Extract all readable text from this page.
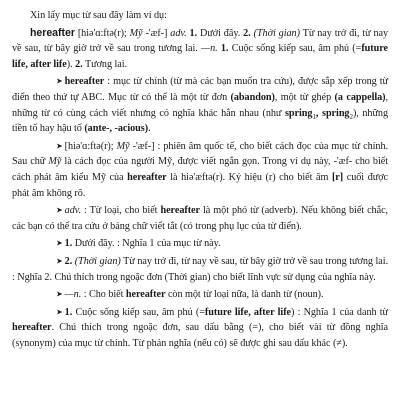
Xin lấy mục từ sau đây làm ví dụ:

hereafter [hiə'ɑ:ftə(r); Mỹ -'æf-] adv. 1. Dưới đây. 2. (Thời gian) Từ nay trở đi, từ nay về sau, từ bây giờ trở về sau trong tương lai. —n. 1. Cuộc sống kiếp sau, âm phủ (=future life, after life). 2. Tương lai.

➤ hereafter : mục từ chính (từ mà các bạn muốn tra cứu), được sắp xếp trong từ điển theo thứ tự ABC. Mục từ có thể là một từ đơn (abandon), một từ ghép (a cappella), những từ có cùng cách viết nhưng có nghĩa khác hẳn nhau (như spring$_1$, spring$_2$), những tiền tố hay hậu tố (ante-, -acious).

➤ [hiə'ɑ:ftə(r); Mỹ -'æf-] : phiên âm quốc tế, cho biết cách đọc của mục từ chính. Sau chữ Mỹ là cách đọc của người Mỹ, được viết ngắn gọn. Trong ví dụ này, -'æf- cho biết cách phát âm kiểu Mỹ của hereafter là hiə'æftə(r). Ký hiệu (r) cho biết âm [r] cuối được phát âm không rõ.

➤ adv. : Từ loại, cho biết hereafter là một phó từ (adverb). Nếu không biết chắc, các bạn có thể tra cứu ở bảng chữ viết tắt (có trong phụ lục của từ điển).

➤ 1. Dưới đây. : Nghĩa 1 của mục từ này.

➤ 2. (Thời gian) Từ nay trở đi, từ nay về sau, từ bây giờ trở về sau trong tương lai. : Nghĩa 2. Chú thích trong ngoặc đơn (Thời gian) cho biết lĩnh vực sử dụng của nghĩa này.

➤ —n. : Cho biết hereafter còn một từ loại nữa, là danh từ (noun).

➤ 1. Cuộc sống kiếp sau, âm phủ (=future life, after life) : Nghĩa 1 của danh từ hereafter. Chú thích trong ngoặc đơn, sau dấu bằng (=), cho biết vài từ đồng nghĩa (synonym) của mục từ chính. Từ phản nghĩa (nếu có) sẽ được ghi sau dấu khác (≠).
